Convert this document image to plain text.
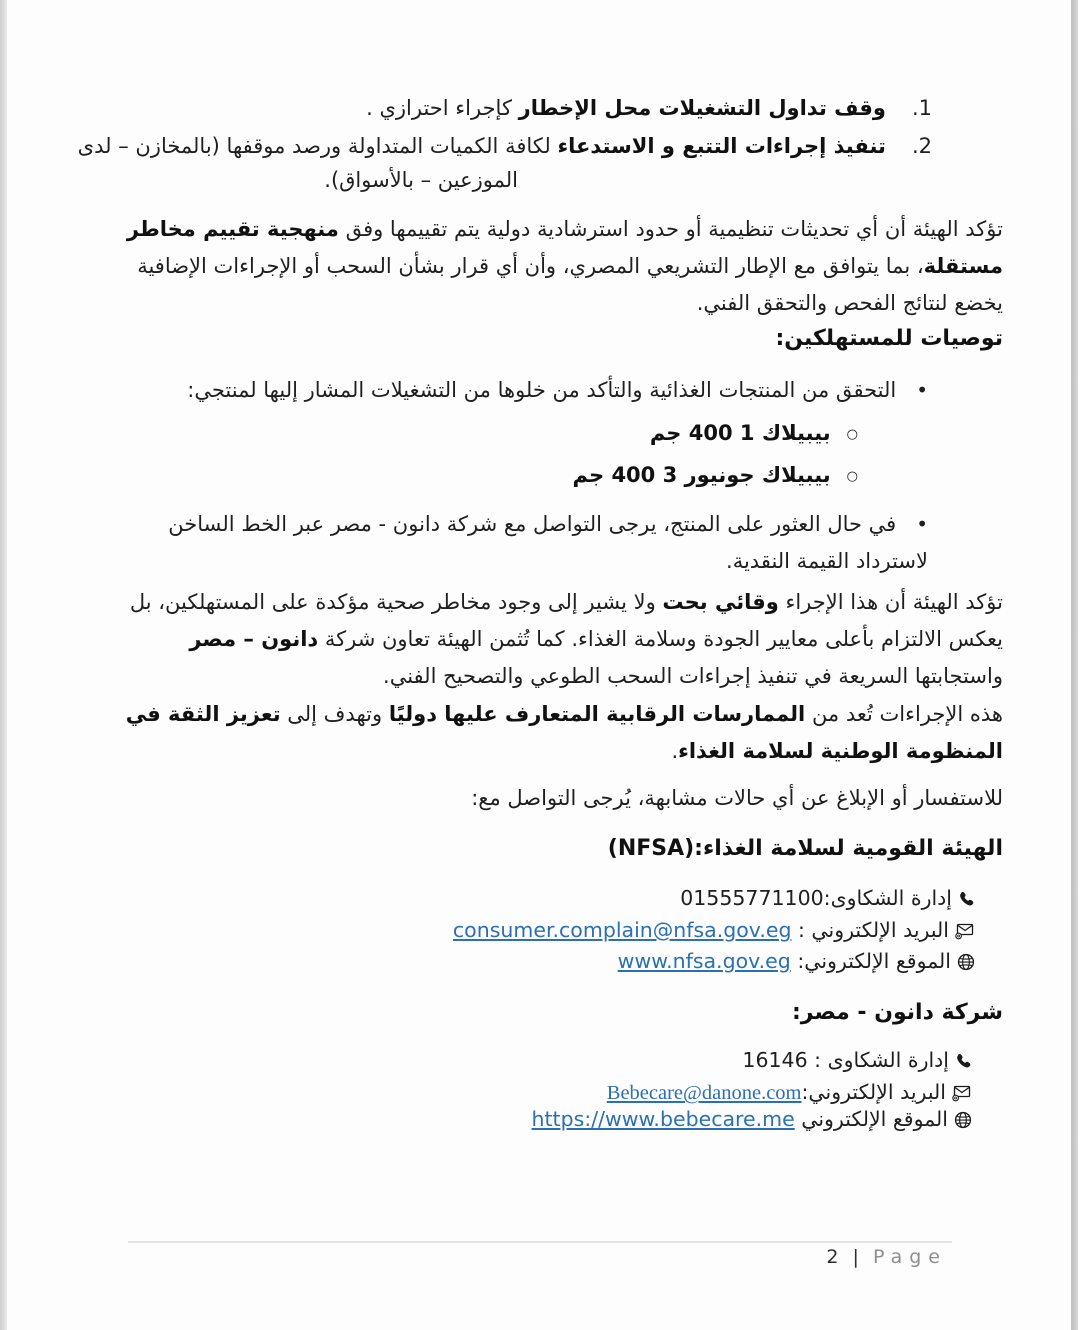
.1وقف تداول التشغيلات محل الإخطار كإجراء احترازي .
.2تنفيذ إجراءات التتبع و الاستدعاء لكافة الكميات المتداولة ورصد موقفها (بالمخازن – لدى
الموزعين – بالأسواق).
تؤكد الهيئة أن أي تحديثات تنظيمية أو حدود استرشادية دولية يتم تقييمها وفق منهجية تقييم مخاطر مستقلة، بما يتوافق مع الإطار التشريعي المصري، وأن أي قرار بشأن السحب أو الإجراءات الإضافية يخضع لنتائج الفحص والتحقق الفني.
توصيات للمستهلكين:
•التحقق من المنتجات الغذائية والتأكد من خلوها من التشغيلات المشار إليها لمنتجي:
○بيبيلاك 1 400 جم
○بيبيلاك جونيور 3 400 جم
•في حال العثور على المنتج، يرجى التواصل مع شركة دانون - مصر عبر الخط الساخن لاسترداد القيمة النقدية.
تؤكد الهيئة أن هذا الإجراء وقائي بحت ولا يشير إلى وجود مخاطر صحية مؤكدة على المستهلكين، بل يعكس الالتزام بأعلى معايير الجودة وسلامة الغذاء. كما تُثمن الهيئة تعاون شركة دانون – مصر واستجابتها السريعة في تنفيذ إجراءات السحب الطوعي والتصحيح الفني.
هذه الإجراءات تُعد من الممارسات الرقابية المتعارف عليها دوليًا وتهدف إلى تعزيز الثقة في المنظومة الوطنية لسلامة الغذاء.
للاستفسار أو الإبلاغ عن أي حالات مشابهة، يُرجى التواصل مع:
الهيئة القومية لسلامة الغذاء:(NFSA)
إدارة الشكاوى:01555771100
البريد الإلكتروني : consumer.complain@nfsa.gov.eg
الموقع الإلكتروني: www.nfsa.gov.eg
شركة دانون - مصر:
إدارة الشكاوى : 16146
البريد الإلكتروني:Bebecare@danone.com
الموقع الإلكتروني https://www.bebecare.me
2 | Page
